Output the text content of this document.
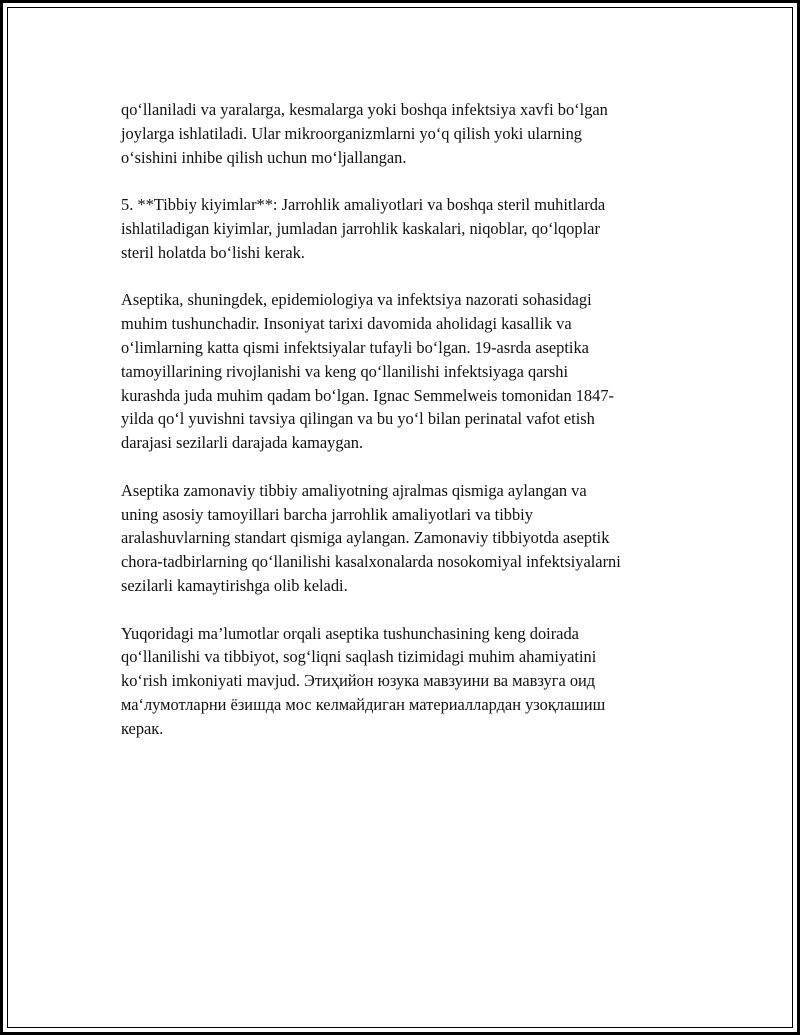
qo‘llaniladi va yaralarga, kesmalarga yoki boshqa infektsiya xavfi bo‘lgan
joylarga ishlatiladi. Ular mikroorganizmlarni yo‘q qilish yoki ularning
o‘sishini inhibe qilish uchun mo‘ljallangan.

5. **Tibbiy kiyimlar**: Jarrohlik amaliyotlari va boshqa steril muhitlarda
ishlatiladigan kiyimlar, jumladan jarrohlik kaskalari, niqoblar, qo‘lqoplar
steril holatda bo‘lishi kerak.

Aseptika, shuningdek, epidemiologiya va infektsiya nazorati sohasidagi
muhim tushunchadir. Insoniyat tarixi davomida aholidagi kasallik va
o‘limlarning katta qismi infektsiyalar tufayli bo‘lgan. 19-asrda aseptika
tamoyillarining rivojlanishi va keng qo‘llanilishi infektsiyaga qarshi
kurashda juda muhim qadam bo‘lgan. Ignac Semmelweis tomonidan 1847-
yilda qo‘l yuvishni tavsiya qilingan va bu yo‘l bilan perinatal vafot etish
darajasi sezilarli darajada kamaygan.

Aseptika zamonaviy tibbiy amaliyotning ajralmas qismiga aylangan va
uning asosiy tamoyillari barcha jarrohlik amaliyotlari va tibbiy
aralashuvlarning standart qismiga aylangan. Zamonaviy tibbiyotda aseptik
chora-tadbirlarning qo‘llanilishi kasalxonalarda nosokomiyal infektsiyalarni
sezilarli kamaytirishga olib keladi.

Yuqoridagi ma’lumotlar orqali aseptika tushunchasining keng doirada
qo‘llanilishi va tibbiyot, sog‘liqni saqlash tizimidagi muhim ahamiyatini
ko‘rish imkoniyati mavjud. Этиҳийон юзука мавзуини ва мавзуга оид
ма‘лумотларни ёзишда мос келмайдиган материаллардан узоқлашиш
керак.
